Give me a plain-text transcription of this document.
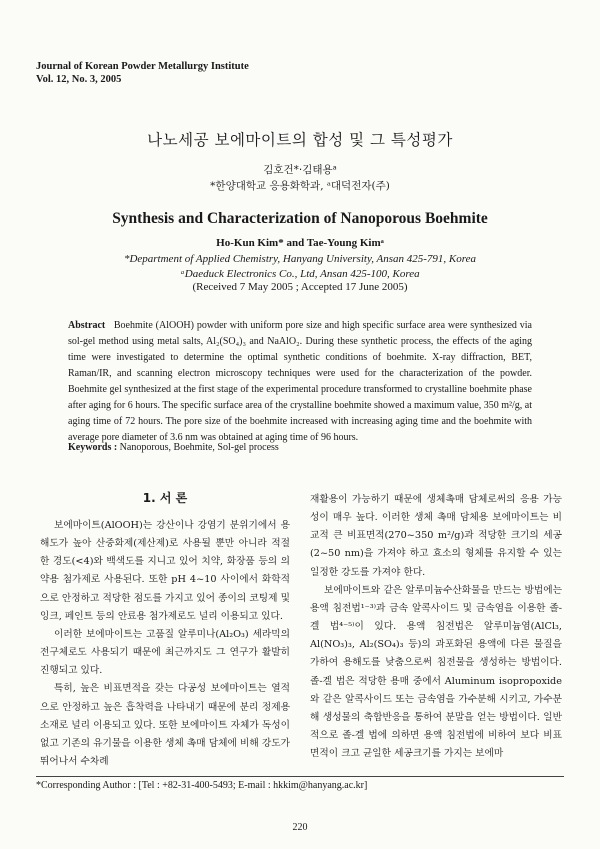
Journal of Korean Powder Metallurgy Institute
Vol. 12, No. 3, 2005
나노세공 보에마이트의 합성 및 그 특성평가
김호건*·김태용ᵃ
*한양대학교 응용화학과, ᵃ대덕전자(주)
Synthesis and Characterization of Nanoporous Boehmite
Ho-Kun Kim* and Tae-Young Kimᵃ
*Department of Applied Chemistry, Hanyang University, Ansan 425-791, Korea
ᵃDaeduck Electronics Co., Ltd, Ansan 425-100, Korea
(Received 7 May 2005 ; Accepted 17 June 2005)
Abstract Boehmite (AlOOH) powder with uniform pore size and high specific surface area were synthesized via sol-gel method using metal salts, Al₂(SO₄)₃ and NaAlO₂. During these synthetic process, the effects of the aging time were investigated to determine the optimal synthetic conditions of boehmite. X-ray diffraction, BET, Raman/IR, and scanning electron microscopy techniques were used for the characterization of the powder. Boehmite gel synthesized at the first stage of the experimental procedure transformed to crystalline boehmite phase after aging for 6 hours. The specific surface area of the crystalline boehmite showed a maximum value, 350 m²/g, at aging time of 72 hours. The pore size of the boehmite increased with increasing aging time and the boehmite with average pore diameter of 3.6 nm was obtained at aging time of 96 hours.
Keywords : Nanoporous, Boehmite, Sol-gel process
1. 서 론

보에마이트(AlOOH)는 강산이나 강염기 분위기에서 용해도가 높아 산중화제(제산제)로 사용될 뿐만 아니라 적절한 경도(<4)와 백색도를 지니고 있어 치약, 화장품 등의 의약용 첨가제로 사용된다. 또한 pH 4~10 사이에서 화학적으로 안정하고 적당한 점도를 가지고 있어 종이의 코팅제 및 잉크, 페인트 등의 안료용 첨가제로도 널리 이용되고 있다.

이러한 보에마이트는 고품질 알루미나(Al₂O₃) 세라믹의 전구체로도 사용되기 때문에 최근까지도 그 연구가 활발히 진행되고 있다.

특히, 높은 비표면적을 갖는 다공성 보에마이트는 열적으로 안정하고 높은 흡착력을 나타내기 때문에 분리 정제용 소재로 널리 이용되고 있다. 또한 보에마이트 자체가 독성이 없고 기존의 유기물을 이용한 생체 촉매 담체에 비해 강도가 뛰어나서 수차례

재활용이 가능하기 때문에 생체촉매 담체로써의 응용 가능성이 매우 높다. 이러한 생체 촉매 담체용 보에마이트는 비교적 큰 비표면적(270~350 m²/g)과 적당한 크기의 세공(2~50 nm)을 가져야 하고 효소의 형체를 유지할 수 있는 일정한 강도를 가져야 한다.

보에마이트와 같은 알루미늄수산화물을 만드는 방법에는 용액 침전법¹⁻³⁾과 금속 알콕사이드 및 금속염을 이용한 졸-겔 법⁴⁻⁵⁾이 있다. 용액 침전법은 알루미늄염(AlCl₃, Al(NO₃)₃, Al₂(SO₄)₃ 등)의 과포화된 용액에 다른 물질을 가하여 용해도를 낮춤으로써 침전물을 생성하는 방법이다. 졸-겔 법은 적당한 용매 중에서 Aluminum isopropoxide 와 같은 알콕사이드 또는 금속염을 가수분해 시키고, 가수분해 생성물의 축합반응을 통하여 분말을 얻는 방법이다. 일반적으로 졸-겔 법에 의하면 용액 침전법에 비하여 보다 비표면적이 크고 균일한 세공크기를 가지는 보에마

*Corresponding Author : [Tel : +82-31-400-5493; E-mail : hkkim@hanyang.ac.kr]
220
